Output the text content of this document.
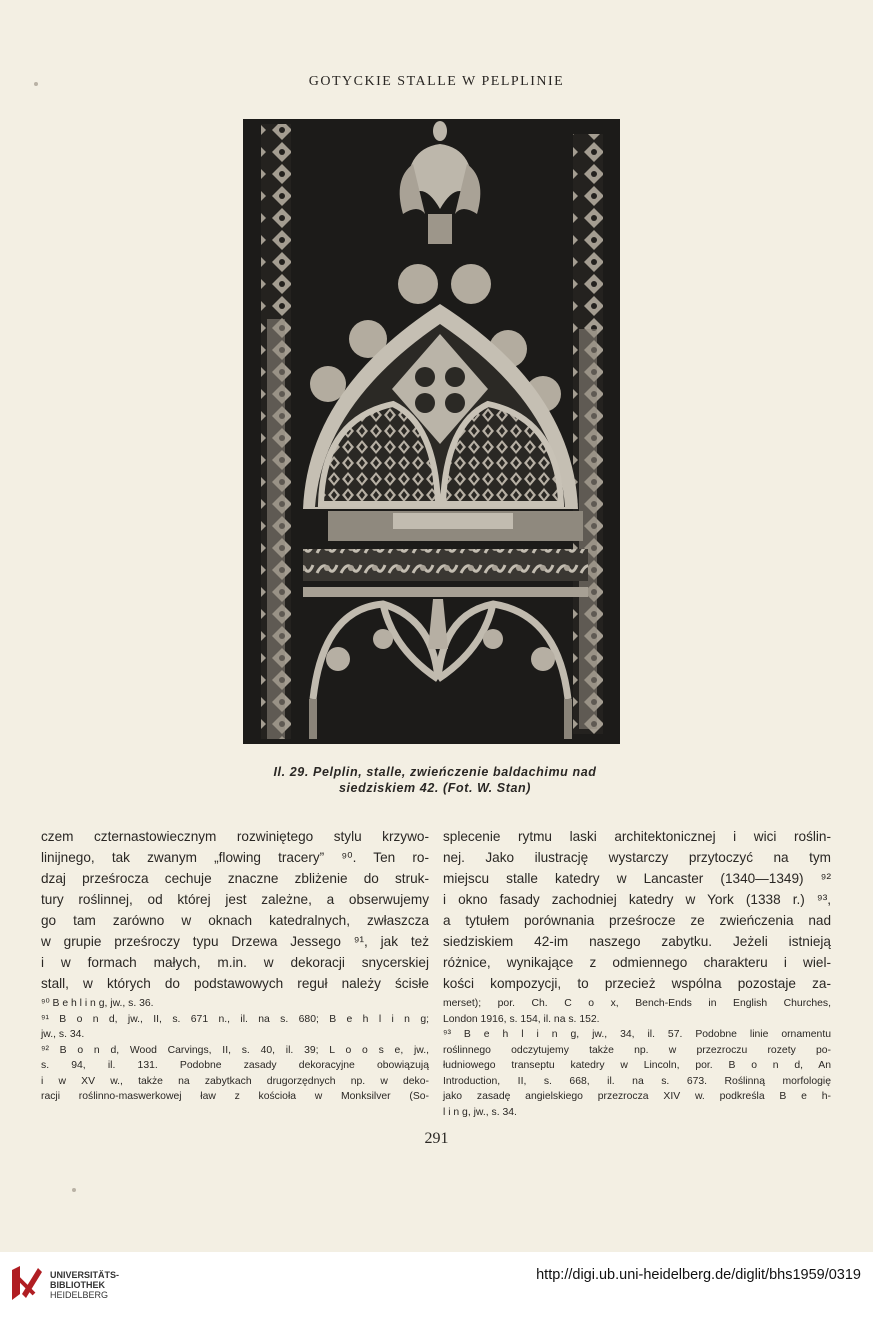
GOTYCKIE STALLE W PELPLINIE
Il. 29. Pelplin, stalle, zwieńczenie baldachimu nad
siedziskiem 42. (Fot. W. Stan)
czem czternastowiecznym rozwiniętego stylu krzywo-
linijnego, tak zwanym „flowing tracery” ⁹⁰. Ten ro-
dzaj prześrocza cechuje znaczne zbliżenie do struk-
tury roślinnej, od której jest zależne, a obserwujemy
go tam zarówno w oknach katedralnych, zwłaszcza
w grupie prześroczy typu Drzewa Jessego ⁹¹, jak też
i w formach małych, m.in. w dekoracji snycerskiej
stall, w których do podstawowych reguł należy ścisłe
splecenie rytmu laski architektonicznej i wici roślin-
nej. Jako ilustrację wystarczy przytoczyć na tym
miejscu stalle katedry w Lancaster (1340—1349) ⁹²
i okno fasady zachodniej katedry w York (1338 r.) ⁹³,
a tytułem porównania prześrocze ze zwieńczenia nad
siedziskiem 42-im naszego zabytku. Jeżeli istnieją
różnice, wynikające z odmiennego charakteru i wiel-
kości kompozycji, to przecież wspólna pozostaje za-
⁹⁰ B e h l i n g, jw., s. 36.
⁹¹ B o n d, jw., II, s. 671 n., il. na s. 680; B e h l i n g;
jw., s. 34.
⁹² B o n d, Wood Carvings, II, s. 40, il. 39; L o o s e, jw.,
s. 94, il. 131. Podobne zasady dekoracyjne obowiązują
i w XV w., także na zabytkach drugorzędnych np. w deko-
racji roślinno-maswerkowej ław z kościoła w Monksilver (So-
merset); por. Ch. C o x, Bench-Ends in English Churches,
London 1916, s. 154, il. na s. 152.
⁹³ B e h l i n g, jw., 34, il. 57. Podobne linie ornamentu
roślinnego odczytujemy także np. w przezroczu rozety po-
łudniowego transeptu katedry w Lincoln, por. B o n d, An
Introduction, II, s. 668, il. na s. 673. Roślinną morfologię
jako zasadę angielskiego przezrocza XIV w. podkreśla B e h-
l i n g, jw., s. 34.
291
UNIVERSITÄTS-
BIBLIOTHEK
HEIDELBERG
http://digi.ub.uni-heidelberg.de/diglit/bhs1959/0319
